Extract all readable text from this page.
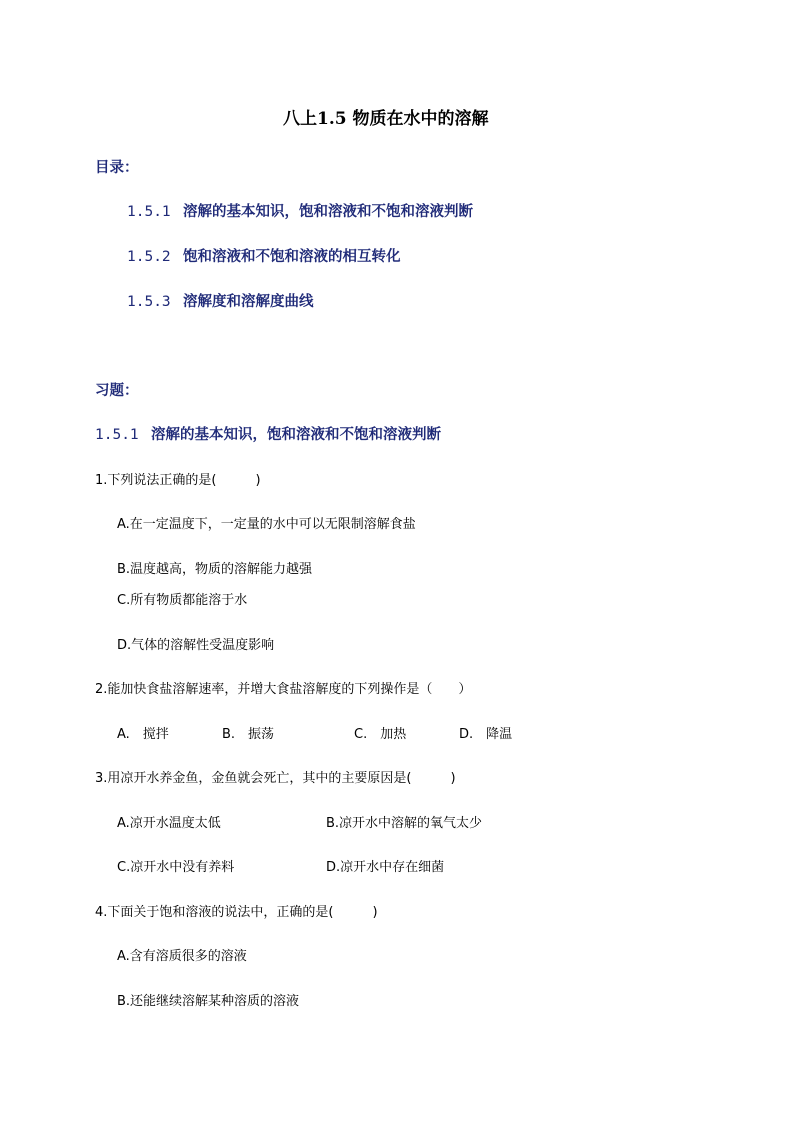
八上1.5 物质在水中的溶解
目录：
1.5.1 溶解的基本知识，饱和溶液和不饱和溶液判断
1.5.2 饱和溶液和不饱和溶液的相互转化
1.5.3 溶解度和溶解度曲线
习题：
1.5.1 溶解的基本知识，饱和溶液和不饱和溶液判断
1.下列说法正确的是(　　　)
A.在一定温度下，一定量的水中可以无限制溶解食盐
B.温度越高，物质的溶解能力越强
C.所有物质都能溶于水
D.气体的溶解性受温度影响
2.能加快食盐溶解速率，并增大食盐溶解度的下列操作是（　　）
A.　搅拌	B.　振荡	C.　加热	D.　降温
3.用凉开水养金鱼，金鱼就会死亡，其中的主要原因是(　　　)
A.凉开水温度太低	B.凉开水中溶解的氧气太少
C.凉开水中没有养料	D.凉开水中存在细菌
4.下面关于饱和溶液的说法中，正确的是(　　　)
A.含有溶质很多的溶液
B.还能继续溶解某种溶质的溶液
